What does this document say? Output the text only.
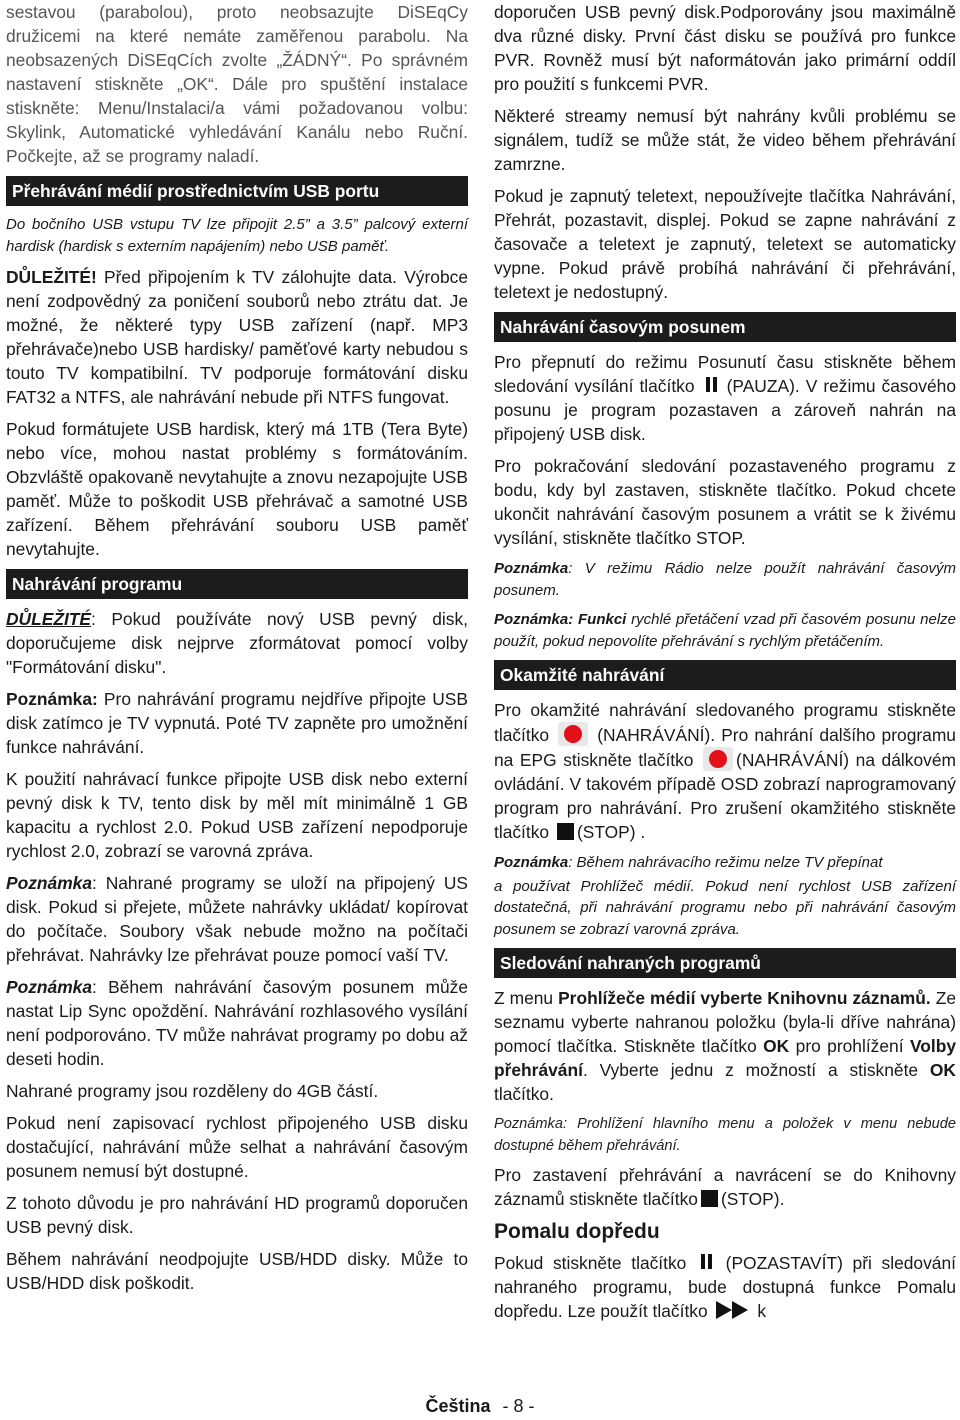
sestavou (parabolou), proto neobsazujte DiSEqCy družicemi na které nemáte zaměřenou parabolu. Na neobsazených DiSEqCích zvolte „ŽÁDNÝ“. Po správném nastavení stiskněte „OK“. Dále pro spuštění instalace stiskněte: Menu/Instalaci/a vámi požadovanou volbu: Skylink, Automatické vyhledávání Kanálu nebo Ruční. Počkejte, až se programy naladí.

Přehrávání médií prostřednictvím USB portu

Do bočního USB vstupu TV lze připojit 2.5” a 3.5” palcový externí hardisk (hardisk s externím napájením) nebo USB paměť.

DŮLEŽITÉ! Před připojením k TV zálohujte data. Výrobce není zodpovědný za poničení souborů nebo ztrátu dat. Je možné, že některé typy USB zařízení (např. MP3 přehrávače)nebo USB hardisky/ paměťové karty nebudou s touto TV kompatibilní. TV podporuje formátování disku FAT32 a NTFS, ale nahrávání nebude při NTFS fungovat.

Pokud formátujete USB hardisk, který má 1TB (Tera Byte) nebo více, mohou nastat problémy s formátováním. Obzvláště opakovaně nevytahujte a znovu nezapojujte USB paměť. Může to poškodit USB přehrávač a samotné USB zařízení. Během přehrávání souboru USB paměť nevytahujte.

Nahrávání programu

DŮLEŽITÉ: Pokud používáte nový USB pevný disk, doporučujeme disk nejprve zformátovat pomocí volby "Formátování disku".

Poznámka: Pro nahrávání programu nejdříve připojte USB disk zatímco je TV vypnutá. Poté TV zapněte pro umožnění funkce nahrávání.

K použití nahrávací funkce připojte USB disk nebo externí pevný disk k TV, tento disk by měl mít minimálně 1 GB kapacitu a rychlost 2.0. Pokud USB zařízení nepodporuje rychlost 2.0, zobrazí se varovná zpráva.

Poznámka: Nahrané programy se uloží na připojený US disk. Pokud si přejete, můžete nahrávky ukládat/ kopírovat do počítače. Soubory však nebude možno na počítači přehrávat. Nahrávky lze přehrávat pouze pomocí vaší TV.

Poznámka: Během nahrávání časovým posunem může nastat Lip Sync opoždění. Nahrávání rozhlasového vysílání není podporováno. TV může nahrávat programy po dobu až deseti hodin.

Nahrané programy jsou rozděleny do 4GB částí.

Pokud není zapisovací rychlost připojeného USB disku dostačující, nahrávání může selhat a nahrávání časovým posunem nemusí být dostupné.

Z tohoto důvodu je pro nahrávání HD programů doporučen USB pevný disk.

Během nahrávání neodpojujte USB/HDD disky. Může to USB/HDD disk poškodit.

doporučen USB pevný disk.Podporovány jsou maximálně dva různé disky. První část disku se používá pro funkce PVR. Rovněž musí být naformátován jako primární oddíl pro použití s funkcemi PVR.

Některé streamy nemusí být nahrány kvůli problému se signálem, tudíž se může stát, že video během přehrávání zamrzne.

Pokud je zapnutý teletext, nepoužívejte tlačítka Nahrávání, Přehrát, pozastavit, displej. Pokud se zapne nahrávání z časovače a teletext je zapnutý, teletext se automaticky vypne. Pokud právě probíhá nahrávání či přehrávání, teletext je nedostupný.

Nahrávání časovým posunem

Pro přepnutí do režimu Posunutí času stiskněte během sledování vysílání tlačítko  (PAUZA). V režimu časového posunu je program pozastaven a zároveň nahrán na připojený USB disk.

Pro pokračování sledování pozastaveného programu z bodu, kdy byl zastaven, stiskněte tlačítko. Pokud chcete ukončit nahrávání časovým posunem a vrátit se k živému vysílání, stiskněte tlačítko STOP.

Poznámka: V režimu Rádio nelze použít nahrávání časovým posunem.

Poznámka: Funkci rychlé přetáčení vzad při časovém posunu nelze použít, pokud nepovolíte přehrávání s rychlým přetáčením.

Okamžité nahrávání

Pro okamžité nahrávání sledovaného programu stiskněte tlačítko  (NAHRÁVÁNÍ). Pro nahrání dalšího programu na EPG stiskněte tlačítko (NAHRÁVÁNÍ) na dálkovém ovládání. V takovém případě OSD zobrazí naprogramovaný program pro nahrávání. Pro zrušení okamžitého stiskněte tlačítko (STOP) .

Poznámka: Během nahrávacího režimu nelze TV přepínat

a používat Prohlížeč médií. Pokud není rychlost USB zařízení dostatečná, při nahrávání programu nebo při nahrávání časovým posunem se zobrazí varovná zpráva.

Sledování nahraných programů

Z menu Prohlížeče médií vyberte Knihovnu záznamů. Ze seznamu vyberte nahranou položku (byla-li dříve nahrána) pomocí tlačítka. Stiskněte tlačítko OK pro prohlížení Volby přehrávání. Vyberte jednu z možností a stiskněte OK tlačítko.

Poznámka: Prohlížení hlavního menu a položek v menu nebude dostupné během přehrávání.

Pro zastavení přehrávání a navrácení se do Knihovny záznamů stiskněte tlačítko (STOP).

Pomalu dopředu

Pokud stiskněte tlačítko (POZASTAVÍT) při sledování nahraného programu, bude dostupná funkce Pomalu dopředu. Lze použít tlačítko	k

Čeština - 8 -
